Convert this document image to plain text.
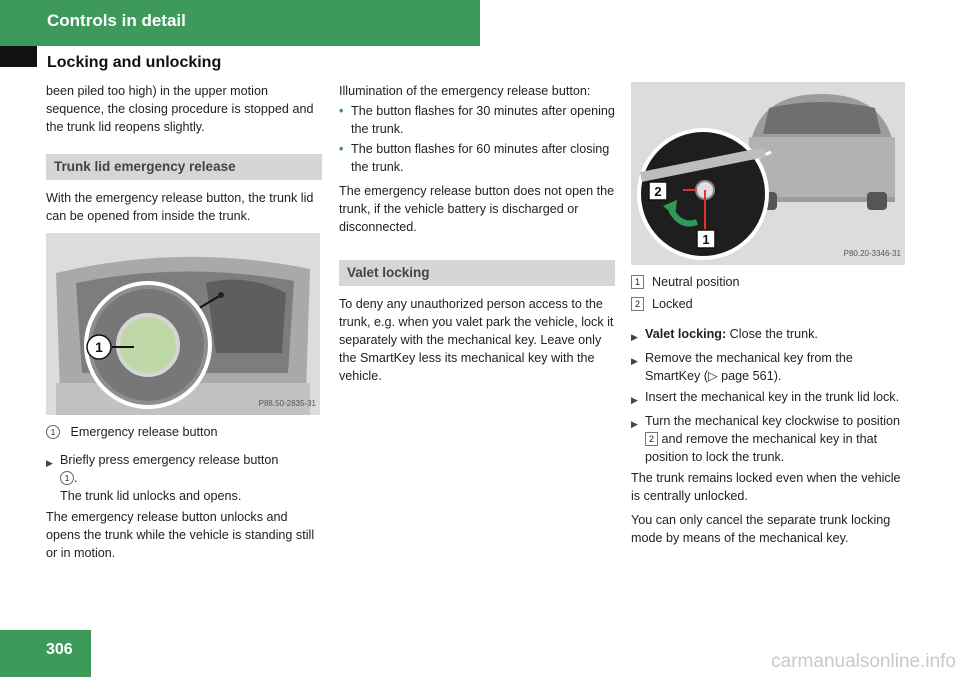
Controls in detail
Locking and unlocking

been piled too high) in the upper motion sequence, the closing procedure is stopped and the trunk lid reopens slightly.

Trunk lid emergency release

With the emergency release button, the trunk lid can be opened from inside the trunk.

1
P88.50-2835-31

1 Emergency release button

▶ Briefly press emergency release button
1 .
The trunk lid unlocks and opens.

The emergency release button unlocks and opens the trunk while the vehicle is standing still or in motion.

Illumination of the emergency release button:

• The button flashes for 30 minutes after opening the trunk.
• The button flashes for 60 minutes after closing the trunk.

The emergency release button does not open the trunk, if the vehicle battery is discharged or disconnected.

Valet locking

To deny any unauthorized person access to the trunk, e.g. when you valet park the vehicle, lock it separately with the mechanical key. Leave only the SmartKey less its mechanical key with the vehicle.

2
1
P80.20-3346-31
1 Neutral position
2 Locked
▶ Valet locking: Close the trunk.
▶ Remove the mechanical key from the SmartKey (▷ page 561).
▶ Insert the mechanical key in the trunk lid lock.
▶ Turn the mechanical key clockwise to position 2 and remove the mechanical key in that position to lock the trunk.

The trunk remains locked even when the vehicle is centrally unlocked.

You can only cancel the separate trunk locking mode by means of the mechanical key.

306
carmanualsonline.info
